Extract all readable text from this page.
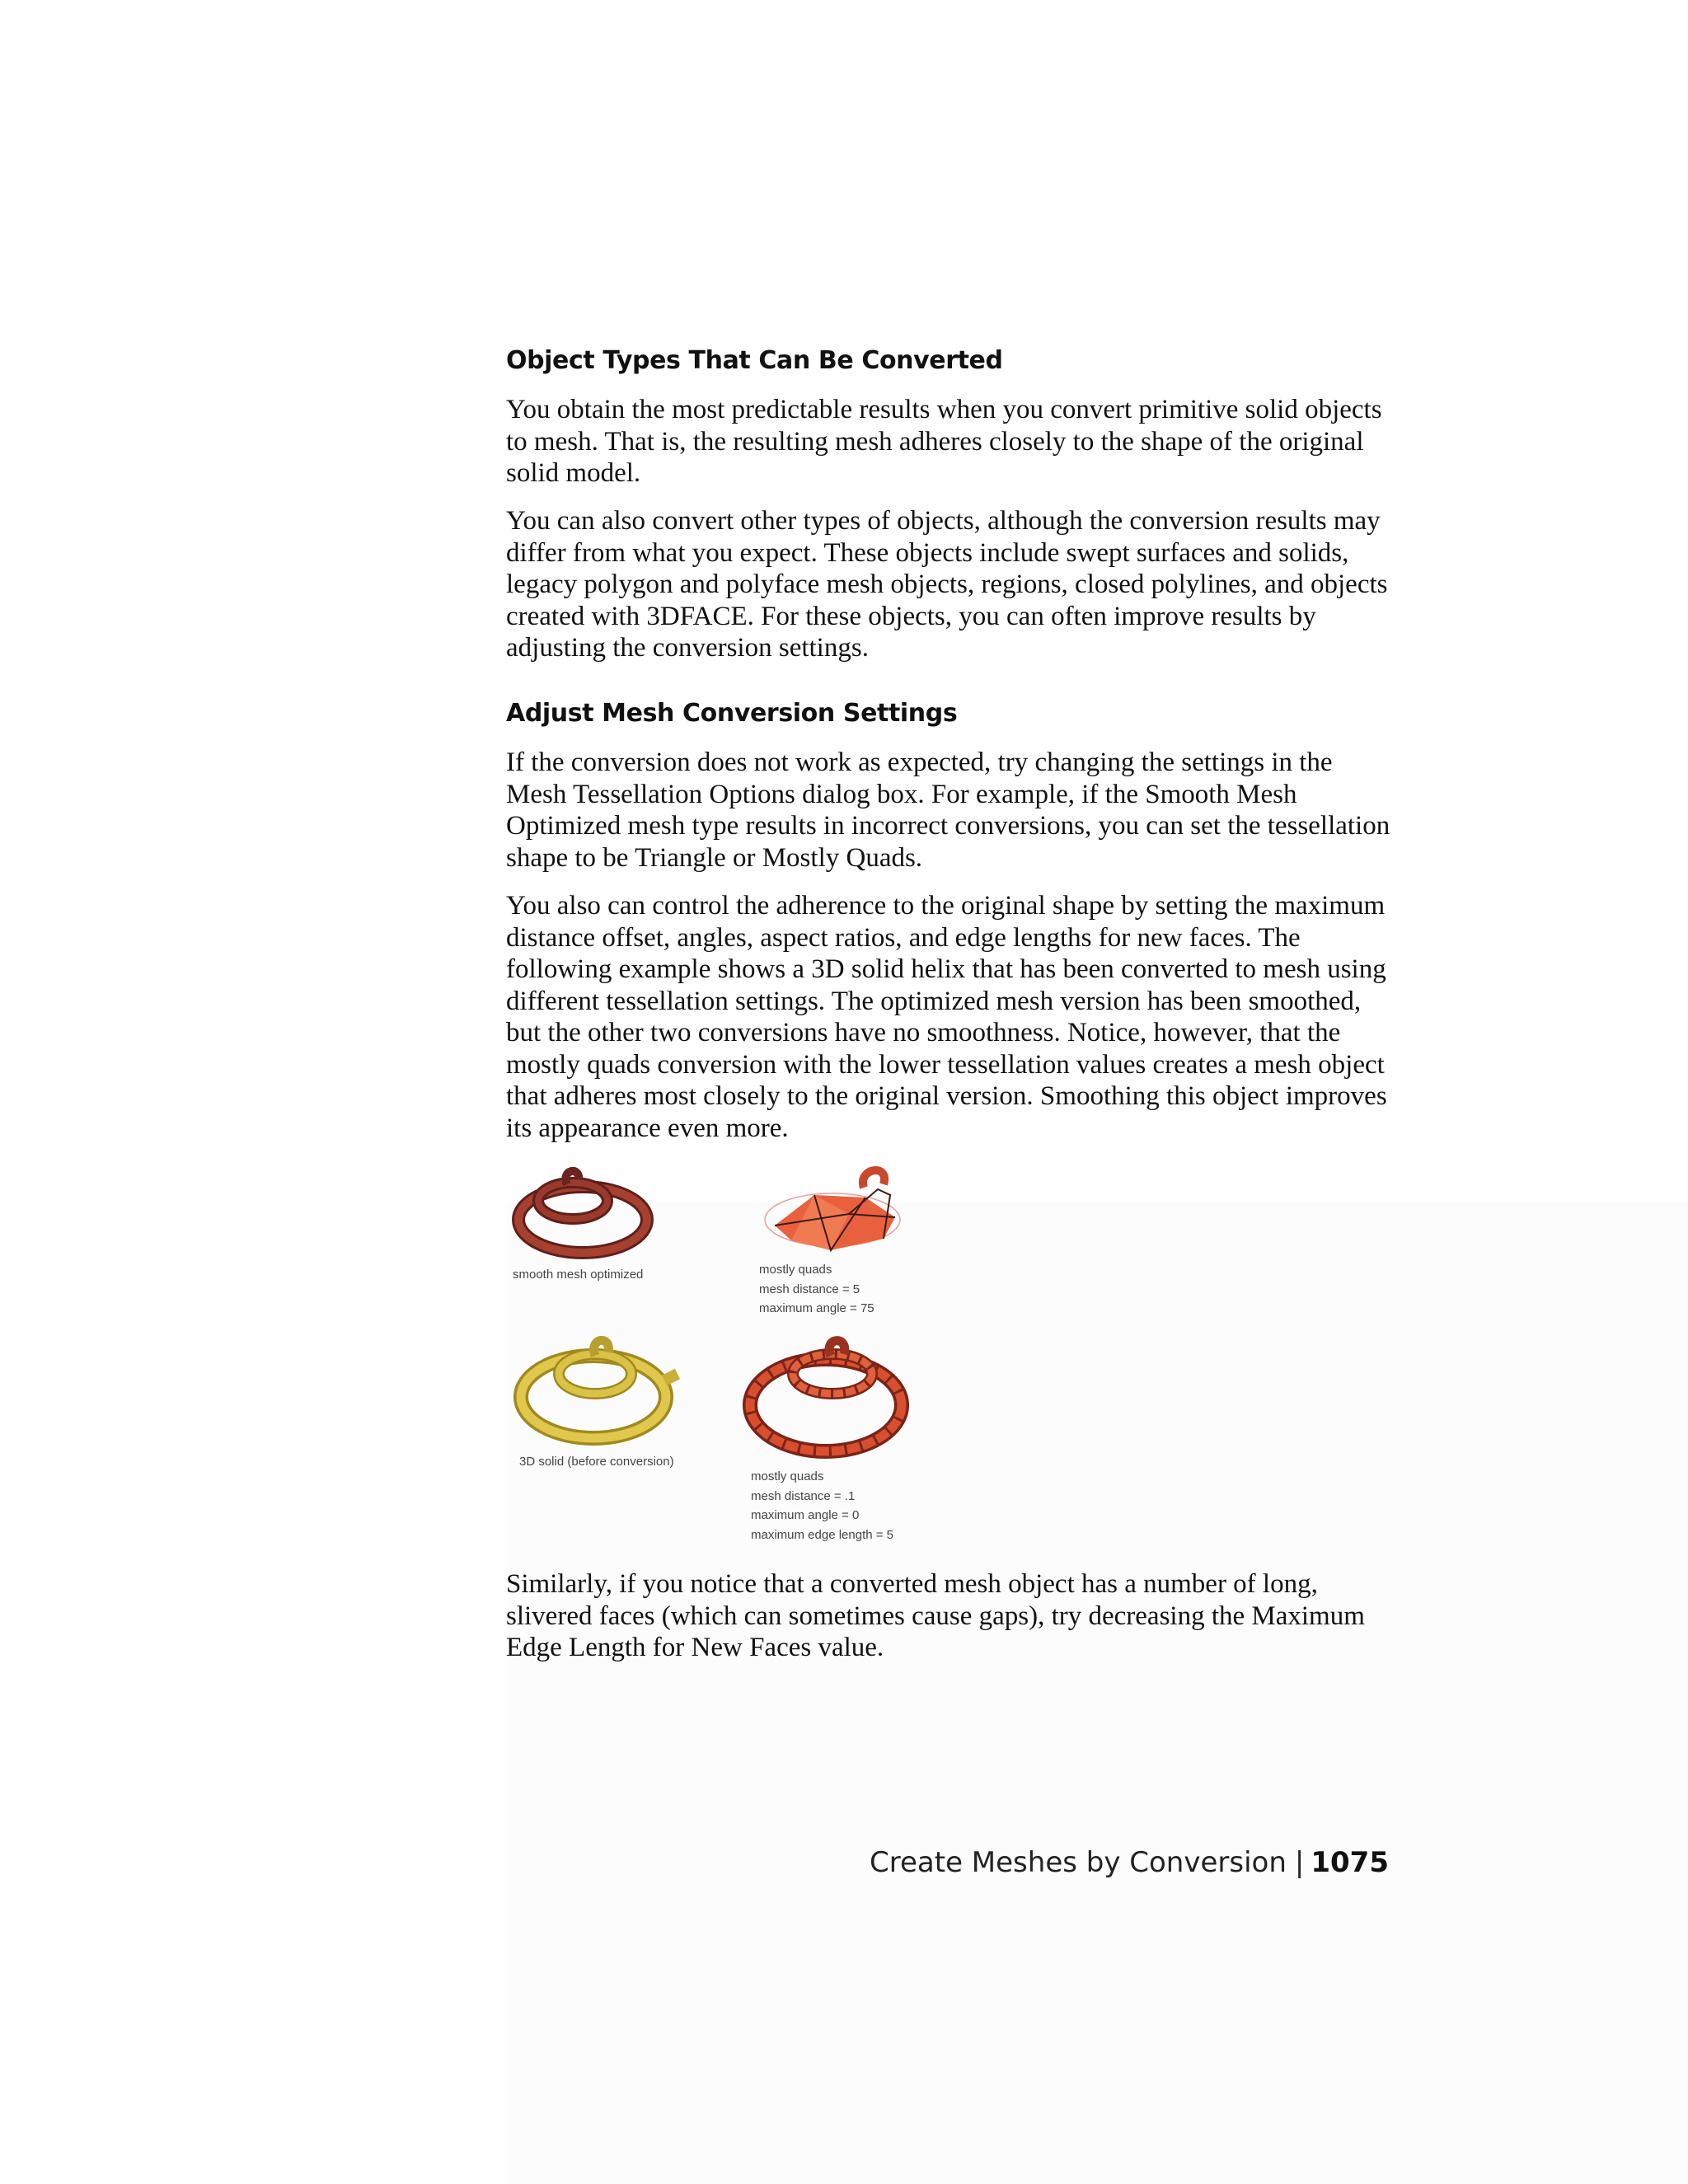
Object Types That Can Be Converted

You obtain the most predictable results when you convert primitive solid objects to mesh. That is, the resulting mesh adheres closely to the shape of the original solid model.

You can also convert other types of objects, although the conversion results may differ from what you expect. These objects include swept surfaces and solids, legacy polygon and polyface mesh objects, regions, closed polylines, and objects created with 3DFACE. For these objects, you can often improve results by adjusting the conversion settings.

Adjust Mesh Conversion Settings

If the conversion does not work as expected, try changing the settings in the Mesh Tessellation Options dialog box. For example, if the Smooth Mesh Optimized mesh type results in incorrect conversions, you can set the tessellation shape to be Triangle or Mostly Quads.

You also can control the adherence to the original shape by setting the maximum distance offset, angles, aspect ratios, and edge lengths for new faces. The following example shows a 3D solid helix that has been converted to mesh using different tessellation settings. The optimized mesh version has been smoothed, but the other two conversions have no smoothness. Notice, however, that the mostly quads conversion with the lower tessellation values creates a mesh object that adheres most closely to the original version. Smoothing this object improves its appearance even more.

Similarly, if you notice that a converted mesh object has a number of long, slivered faces (which can sometimes cause gaps), try decreasing the Maximum Edge Length for New Faces value.

smooth mesh optimized	mostly quads
mesh distance = 5
maximum angle = 75
3D solid (before conversion)
mostly quads
mesh distance = .1
maximum angle = 0
maximum edge length = 5
Create Meshes by Conversion | 1075
